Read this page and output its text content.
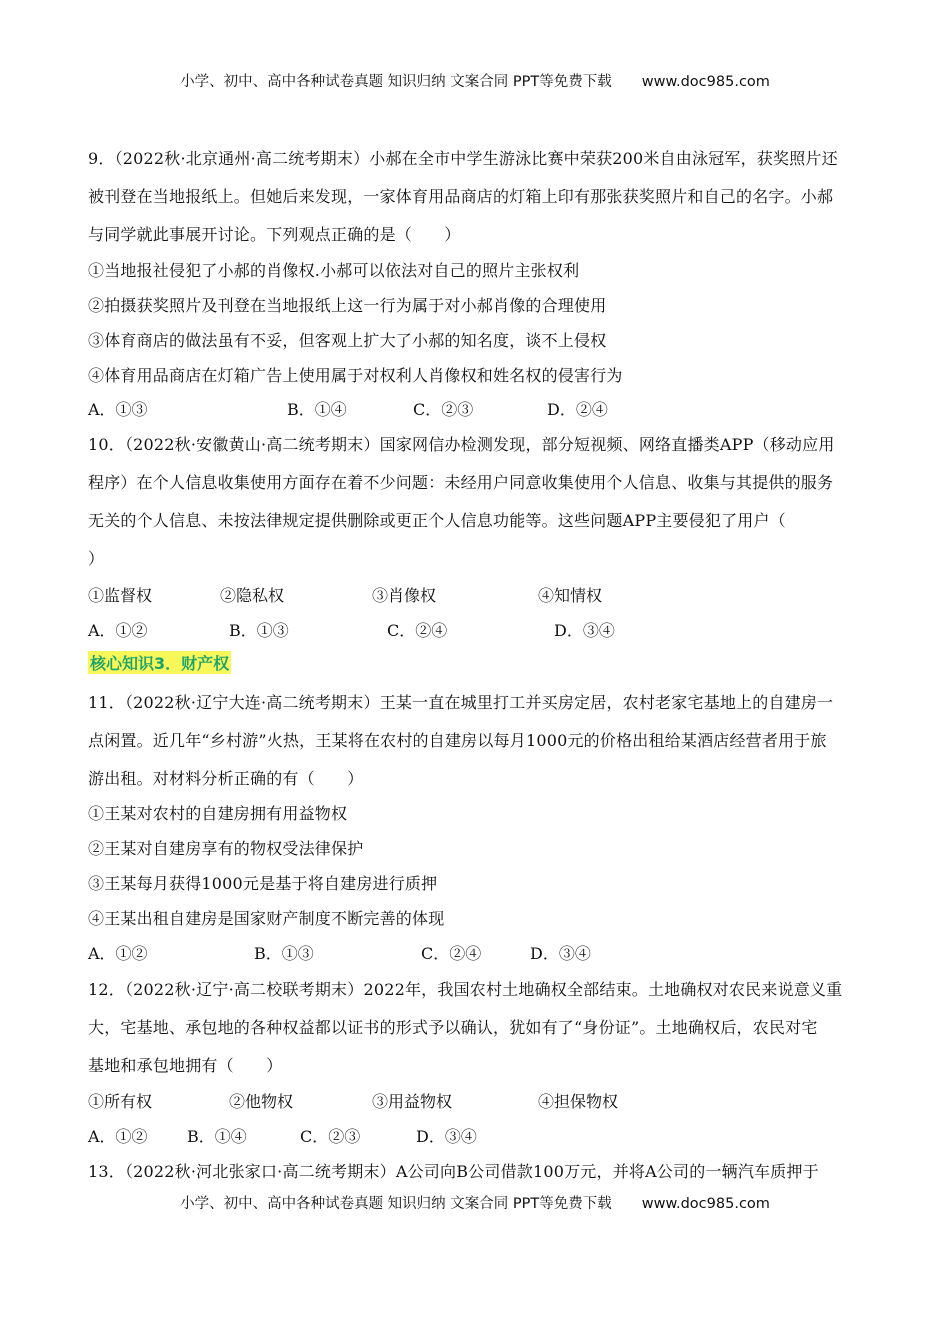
小学、初中、高中各种试卷真题 知识归纳 文案合同 PPT等免费下载 www.doc985.com
9．（2022秋·北京通州·高二统考期末）小郝在全市中学生游泳比赛中荣获200米自由泳冠军，获奖照片还
被刊登在当地报纸上。但她后来发现，一家体育用品商店的灯箱上印有那张获奖照片和自己的名字。小郝
与同学就此事展开讨论。下列观点正确的是（　　）
①当地报社侵犯了小郝的肖像权.小郝可以依法对自己的照片主张权利
②拍摄获奖照片及刊登在当地报纸上这一行为属于对小郝肖像的合理使用
③体育商店的做法虽有不妥，但客观上扩大了小郝的知名度，谈不上侵权
④体育用品商店在灯箱广告上使用属于对权利人肖像权和姓名权的侵害行为
A．①③	B．①④	C．②③	D．②④
10．（2022秋·安徽黄山·高二统考期末）国家网信办检测发现，部分短视频、网络直播类APP（移动应用
程序）在个人信息收集使用方面存在着不少问题：未经用户同意收集使用个人信息、收集与其提供的服务
无关的个人信息、未按法律规定提供删除或更正个人信息功能等。这些问题APP主要侵犯了用户（
）
①监督权	②隐私权	③肖像权	④知情权
A．①②	B．①③	C．②④	D．③④
核心知识3．财产权
11．（2022秋·辽宁大连·高二统考期末）王某一直在城里打工并买房定居，农村老家宅基地上的自建房一
点闲置。近几年“乡村游”火热，王某将在农村的自建房以每月1000元的价格出租给某酒店经营者用于旅
游出租。对材料分析正确的有（　　）
①王某对农村的自建房拥有用益物权
②王某对自建房享有的物权受法律保护
③王某每月获得1000元是基于将自建房进行质押
④王某出租自建房是国家财产制度不断完善的体现
A．①②	B．①③	C．②④	D．③④
12．（2022秋·辽宁·高二校联考期末）2022年，我国农村土地确权全部结束。土地确权对农民来说意义重
大，宅基地、承包地的各种权益都以证书的形式予以确认，犹如有了“身份证”。土地确权后，农民对宅
基地和承包地拥有（　　）
①所有权	②他物权	③用益物权	④担保物权
A．①② B．①④	C．②③	D．③④
13．（2022秋·河北张家口·高二统考期末）A公司向B公司借款100万元，并将A公司的一辆汽车质押于
小学、初中、高中各种试卷真题 知识归纳 文案合同 PPT等免费下载 www.doc985.com
